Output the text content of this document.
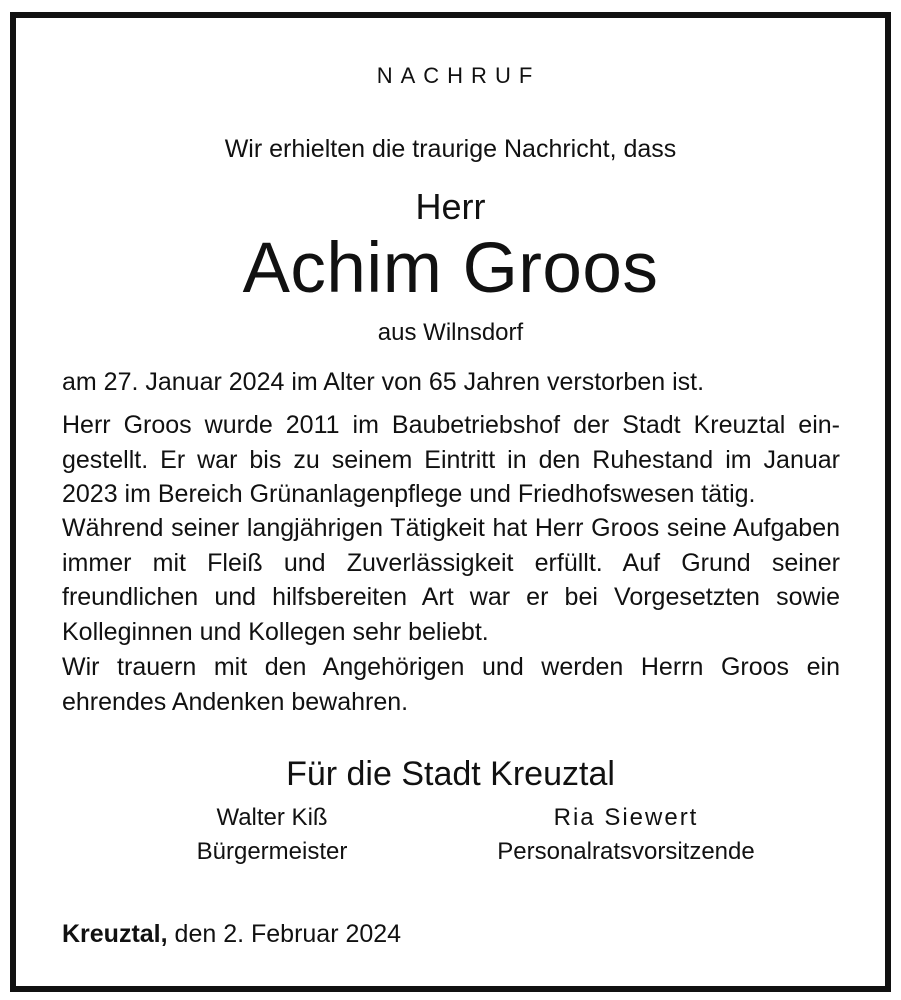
NACHRUF
Wir erhielten die traurige Nachricht, dass
Herr
Achim Groos
aus Wilnsdorf
am 27. Januar 2024 im Alter von 65 Jahren verstorben ist.
Herr Groos wurde 2011 im Baubetriebshof der Stadt Kreuztal eingestellt. Er war bis zu seinem Eintritt in den Ruhestand im Januar 2023 im Bereich Grünanlagenpflege und Friedhofswesen tätig.
Während seiner langjährigen Tätigkeit hat Herr Groos seine Aufgaben immer mit Fleiß und Zuverlässigkeit erfüllt. Auf Grund seiner freundlichen und hilfsbereiten Art war er bei Vorgesetzten sowie Kolleginnen und Kollegen sehr beliebt.
Wir trauern mit den Angehörigen und werden Herrn Groos ein ehrendes Andenken bewahren.
Für die Stadt Kreuztal
Walter Kiß
Bürgermeister
Ria Siewert
Personalratsvorsitzende
Kreuztal, den 2. Februar 2024
